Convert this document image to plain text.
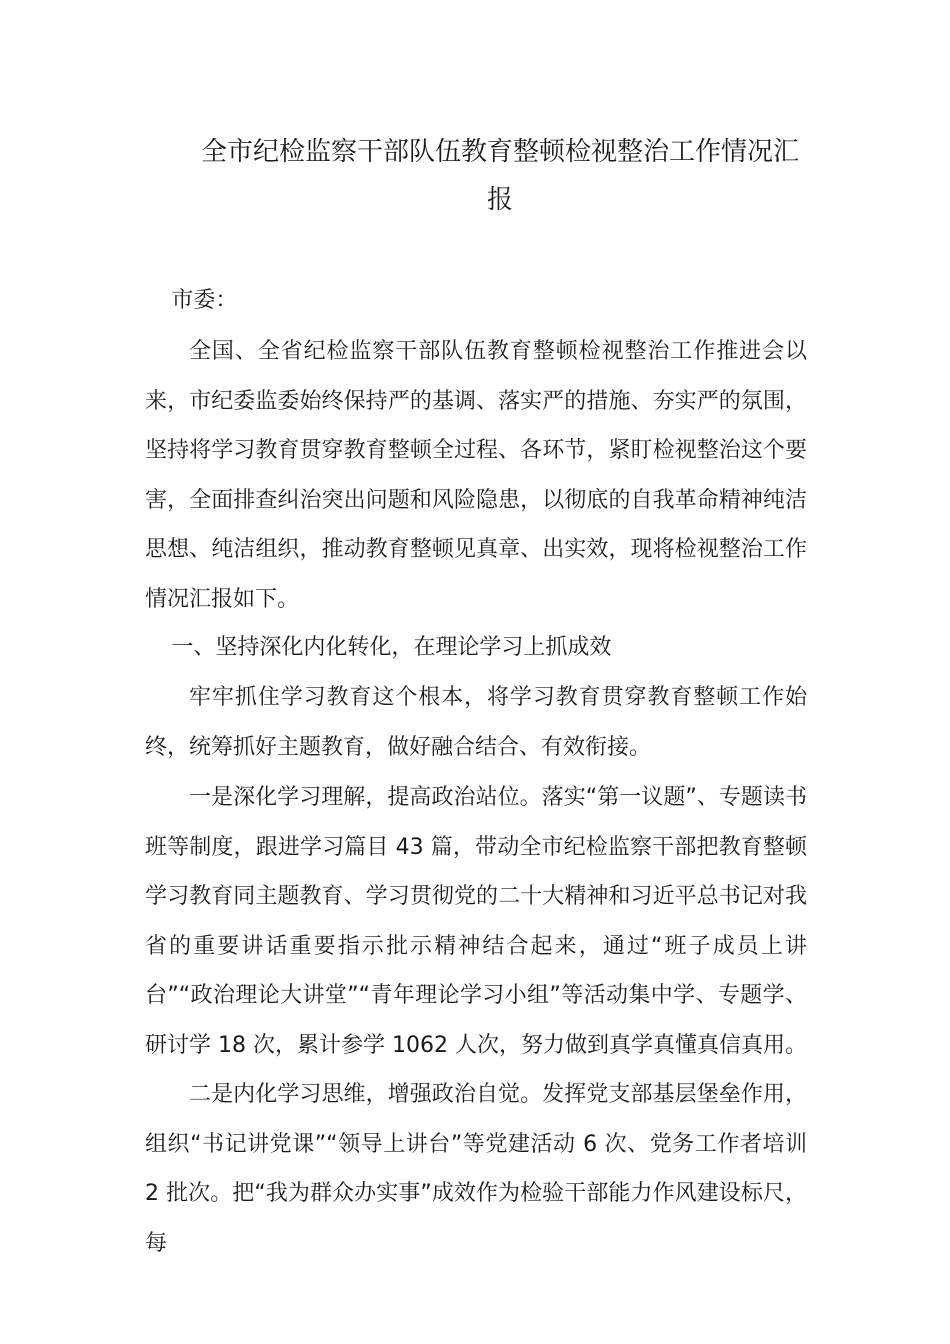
全市纪检监察干部队伍教育整顿检视整治工作情况汇
报

市委：

全国、全省纪检监察干部队伍教育整顿检视整治工作推进会以来，市纪委监委始终保持严的基调、落实严的措施、夯实严的氛围，坚持将学习教育贯穿教育整顿全过程、各环节，紧盯检视整治这个要害，全面排查纠治突出问题和风险隐患，以彻底的自我革命精神纯洁思想、纯洁组织，推动教育整顿见真章、出实效，现将检视整治工作情况汇报如下。

一、坚持深化内化转化，在理论学习上抓成效

牢牢抓住学习教育这个根本，将学习教育贯穿教育整顿工作始终，统筹抓好主题教育，做好融合结合、有效衔接。

一是深化学习理解，提高政治站位。落实“第一议题”、专题读书班等制度，跟进学习篇目 43 篇，带动全市纪检监察干部把教育整顿学习教育同主题教育、学习贯彻党的二十大精神和习近平总书记对我省的重要讲话重要指示批示精神结合起来，通过“班子成员上讲台”“政治理论大讲堂”“青年理论学习小组”等活动集中学、专题学、研讨学 18 次，累计参学 1062 人次，努力做到真学真懂真信真用。

二是内化学习思维，增强政治自觉。发挥党支部基层堡垒作用，组织“书记讲党课”“领导上讲台”等党建活动 6 次、党务工作者培训 2 批次。把“我为群众办实事”成效作为检验干部能力作风建设标尺，每
